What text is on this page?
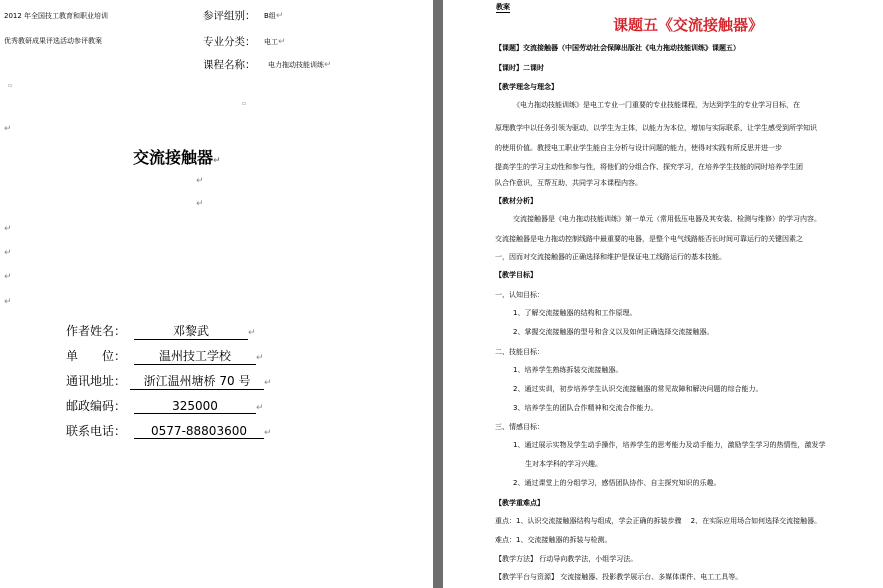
2012 年全国技工教育和职业培训
优秀教研成果评选活动参评教案
参评组别： B组↵
专业分类： 电工↵
课程名称： 电力拖动技能训练↵
▫
▫
↵
交流接触器↵
↵
↵
↵
↵
↵
↵
作者姓名：	邓黎武	↵
单　　位：	温州技工学校	↵
通讯地址： 浙江温州塘桥 70 号 ↵
邮政编码：	325000	↵
联系电话： 0577-88803600 ↵
教案
课题五《交流接触器》
【课题】交流接触器（中国劳动社会保障出版社《电力拖动技能训练》课题五）
【课时】二课时
【教学理念与理念】
《电力拖动技能训练》是电工专业一门重要的专业技能课程，为达到学生的专业学习目标，在
原理教学中以任务引领为驱动，以学生为主体，以能力为本位，增加与实际联系，让学生感受到所学知识
的使用价值。教授电工职业学生能自主分析与设计问题的能力，使得对实践有所反思并进一步
提高学生的学习主动性和参与性，将他们的分组合作、探究学习，在培养学生技能的同时培养学生团
队合作意识，互帮互助，共同学习本课程内容。
【教材分析】
交流接触器是《电力拖动技能训练》第一单元（常用低压电器及其安装、检测与维修）的学习内容。
交流接触器是电力拖动控制线路中最重要的电器，是整个电气线路能否长时间可靠运行的关键因素之
一，因而对交流接触器的正确选择和维护是保证电工线路运行的基本技能。
【教学目标】
一、认知目标：
1、了解交流接触器的结构和工作原理。
2、掌握交流接触器的型号和含义以及如何正确选择交流接触器。
二、技能目标：
1、培养学生熟练拆装交流接触器。
2、通过实训，初步培养学生认识交流接触器的常见故障和解决问题的综合能力。
3、培养学生的团队合作精神和交流合作能力。
三、情感目标：
1、通过展示实物及学生动手操作，培养学生的思考能力及动手能力，激励学生学习的热情性，激发学
生对本学科的学习兴趣。
2、通过课堂上的分组学习，感悟团队协作、自主探究知识的乐趣。
【教学重难点】
重点：1、认识交流接触器结构与组成，学会正确的拆装步骤　 2、在实际应用场合如何选择交流接触器。
难点：1、交流接触器的拆装与检测。
【教学方法】 行动导向教学法，小组学习法。
【教学平台与资源】 交流接触器、投影教学展示台、多媒体课件、电工工具等。
